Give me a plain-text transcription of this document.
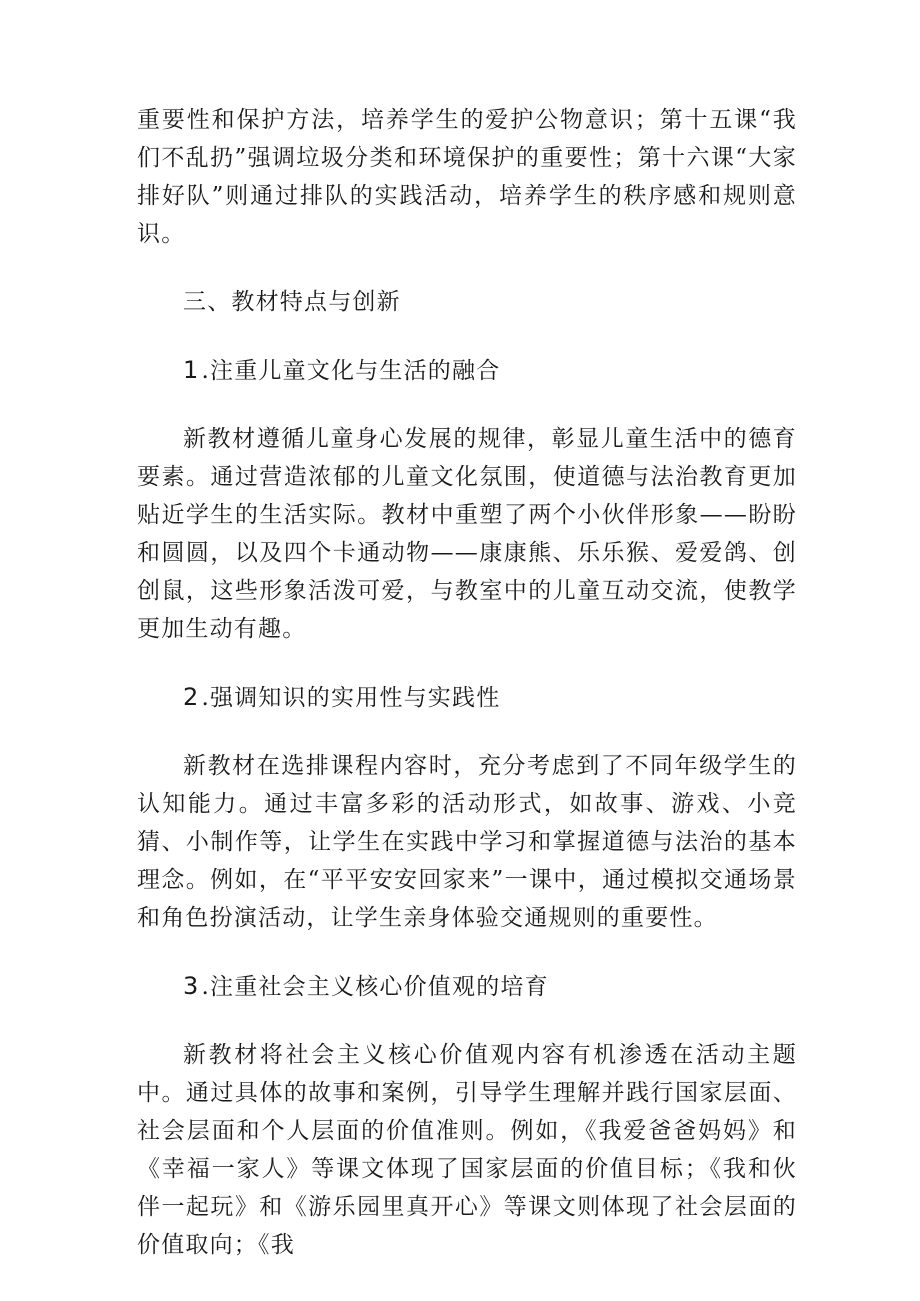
重要性和保护方法，培养学生的爱护公物意识；第十五课“我们不乱扔”强调垃圾分类和环境保护的重要性；第十六课“大家排好队”则通过排队的实践活动，培养学生的秩序感和规则意识。

三、教材特点与创新
1.注重儿童文化与生活的融合

新教材遵循儿童身心发展的规律，彰显儿童生活中的德育要素。通过营造浓郁的儿童文化氛围，使道德与法治教育更加贴近学生的生活实际。教材中重塑了两个小伙伴形象——盼盼和圆圆，以及四个卡通动物——康康熊、乐乐猴、爱爱鸽、创创鼠，这些形象活泼可爱，与教室中的儿童互动交流，使教学更加生动有趣。

2.强调知识的实用性与实践性

新教材在选排课程内容时，充分考虑到了不同年级学生的认知能力。通过丰富多彩的活动形式，如故事、游戏、小竞猜、小制作等，让学生在实践中学习和掌握道德与法治的基本理念。例如，在“平平安安回家来”一课中，通过模拟交通场景和角色扮演活动，让学生亲身体验交通规则的重要性。

3.注重社会主义核心价值观的培育

新教材将社会主义核心价值观内容有机渗透在活动主题中。通过具体的故事和案例，引导学生理解并践行国家层面、社会层面和个人层面的价值准则。例如，《我爱爸爸妈妈》和《幸福一家人》等课文体现了国家层面的价值目标；《我和伙伴一起玩》和《游乐园里真开心》等课文则体现了社会层面的价值取向；《我
